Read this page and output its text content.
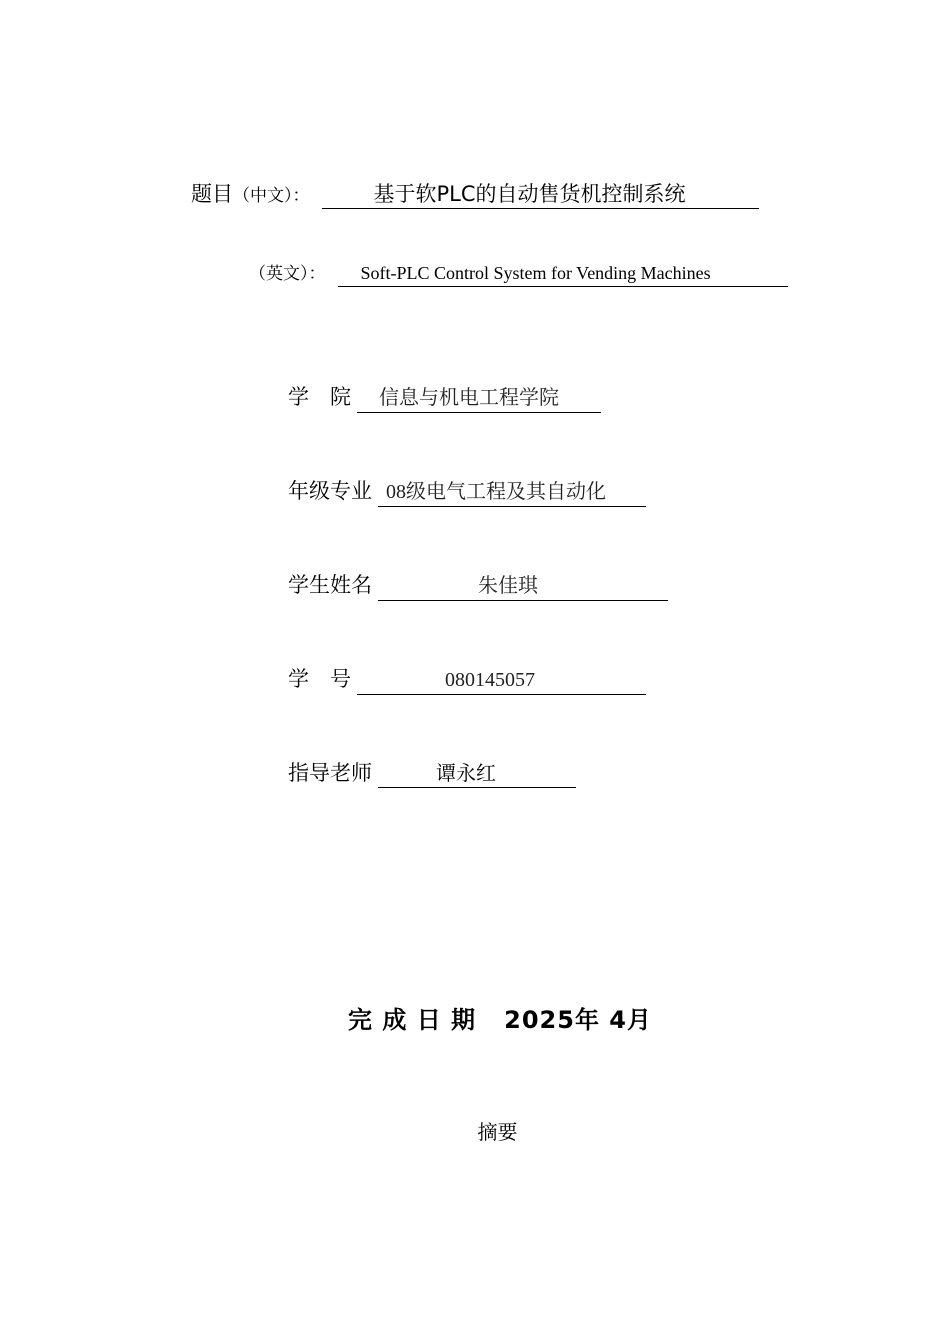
题目（中文）：	基于软PLC的自动售货机控制系统
（英文）： Soft-PLC Control System for Vending Machines
学　院 信息与机电工程学院
年级专业 08级电气工程及其自动化
学生姓名	朱佳琪
学　号	080145057
指导老师	谭永红
完 成 日 期 2025年 4月
摘要
